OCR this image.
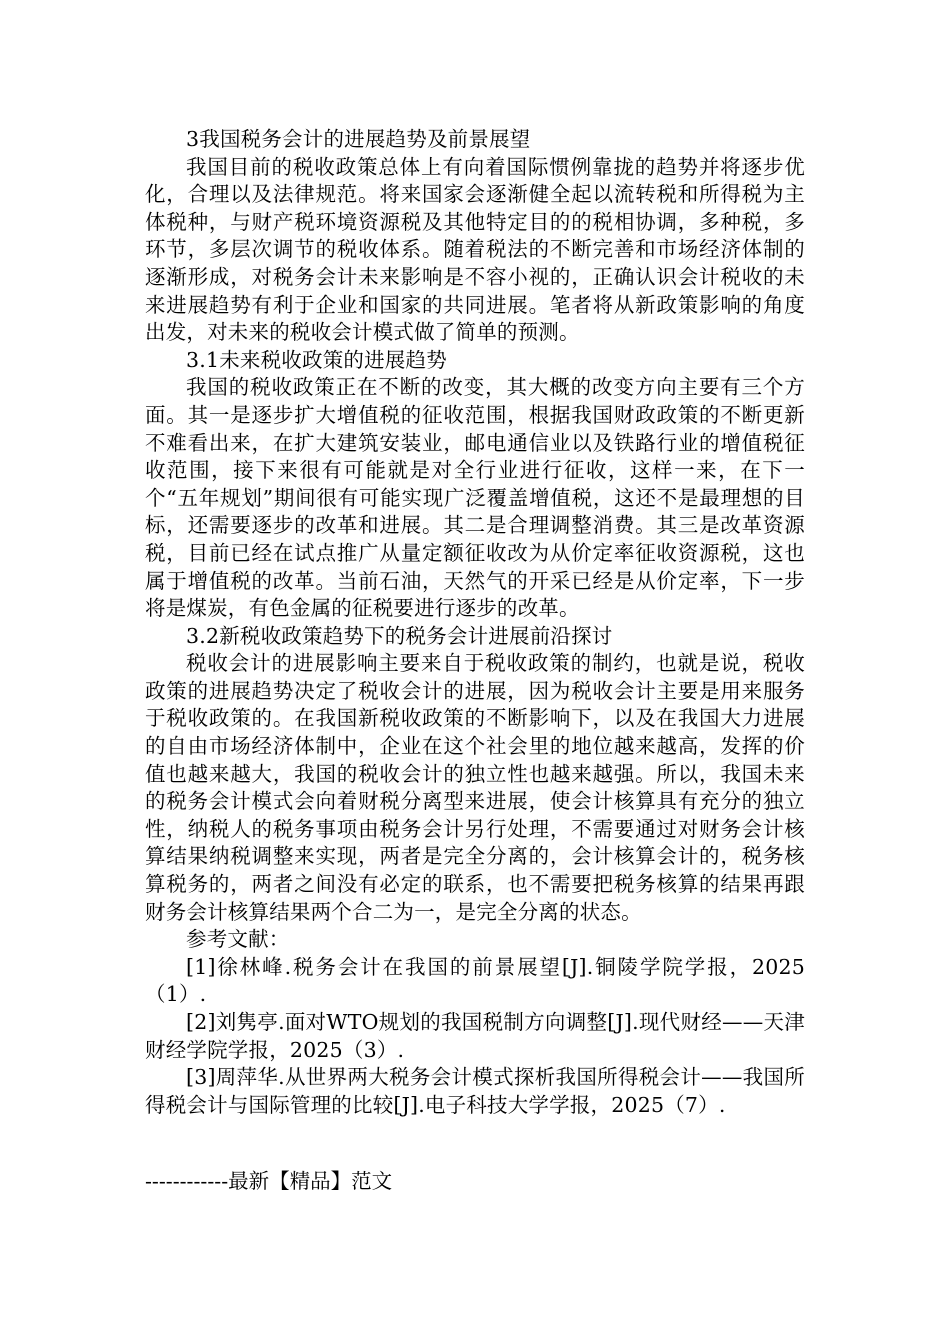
3我国税务会计的进展趋势及前景展望

我国目前的税收政策总体上有向着国际惯例靠拢的趋势并将逐步优化，合理以及法律规范。将来国家会逐渐健全起以流转税和所得税为主体税种，与财产税环境资源税及其他特定目的的税相协调，多种税，多环节，多层次调节的税收体系。随着税法的不断完善和市场经济体制的逐渐形成，对税务会计未来影响是不容小视的，正确认识会计税收的未来进展趋势有利于企业和国家的共同进展。笔者将从新政策影响的角度出发，对未来的税收会计模式做了简单的预测。

3.1未来税收政策的进展趋势

我国的税收政策正在不断的改变，其大概的改变方向主要有三个方面。其一是逐步扩大增值税的征收范围，根据我国财政政策的不断更新不难看出来，在扩大建筑安装业，邮电通信业以及铁路行业的增值税征收范围，接下来很有可能就是对全行业进行征收，这样一来，在下一个“五年规划”期间很有可能实现广泛覆盖增值税，这还不是最理想的目标，还需要逐步的改革和进展。其二是合理调整消费。其三是改革资源税，目前已经在试点推广从量定额征收改为从价定率征收资源税，这也属于增值税的改革。当前石油，天然气的开采已经是从价定率，下一步将是煤炭，有色金属的征税要进行逐步的改革。

3.2新税收政策趋势下的税务会计进展前沿探讨

税收会计的进展影响主要来自于税收政策的制约，也就是说，税收政策的进展趋势决定了税收会计的进展，因为税收会计主要是用来服务于税收政策的。在我国新税收政策的不断影响下，以及在我国大力进展的自由市场经济体制中，企业在这个社会里的地位越来越高，发挥的价值也越来越大，我国的税收会计的独立性也越来越强。所以，我国未来的税务会计模式会向着财税分离型来进展，使会计核算具有充分的独立性，纳税人的税务事项由税务会计另行处理，不需要通过对财务会计核算结果纳税调整来实现，两者是完全分离的，会计核算会计的，税务核算税务的，两者之间没有必定的联系，也不需要把税务核算的结果再跟财务会计核算结果两个合二为一，是完全分离的状态。

参考文献：

[1]徐林峰.税务会计在我国的前景展望[J].铜陵学院学报，2025（1）.

[2]刘隽亭.面对WTO规划的我国税制方向调整[J].现代财经——天津财经学院学报，2025（3）.

[3]周萍华.从世界两大税务会计模式探析我国所得税会计——我国所得税会计与国际管理的比较[J].电子科技大学学报，2025（7）.

------------最新【精品】范文
